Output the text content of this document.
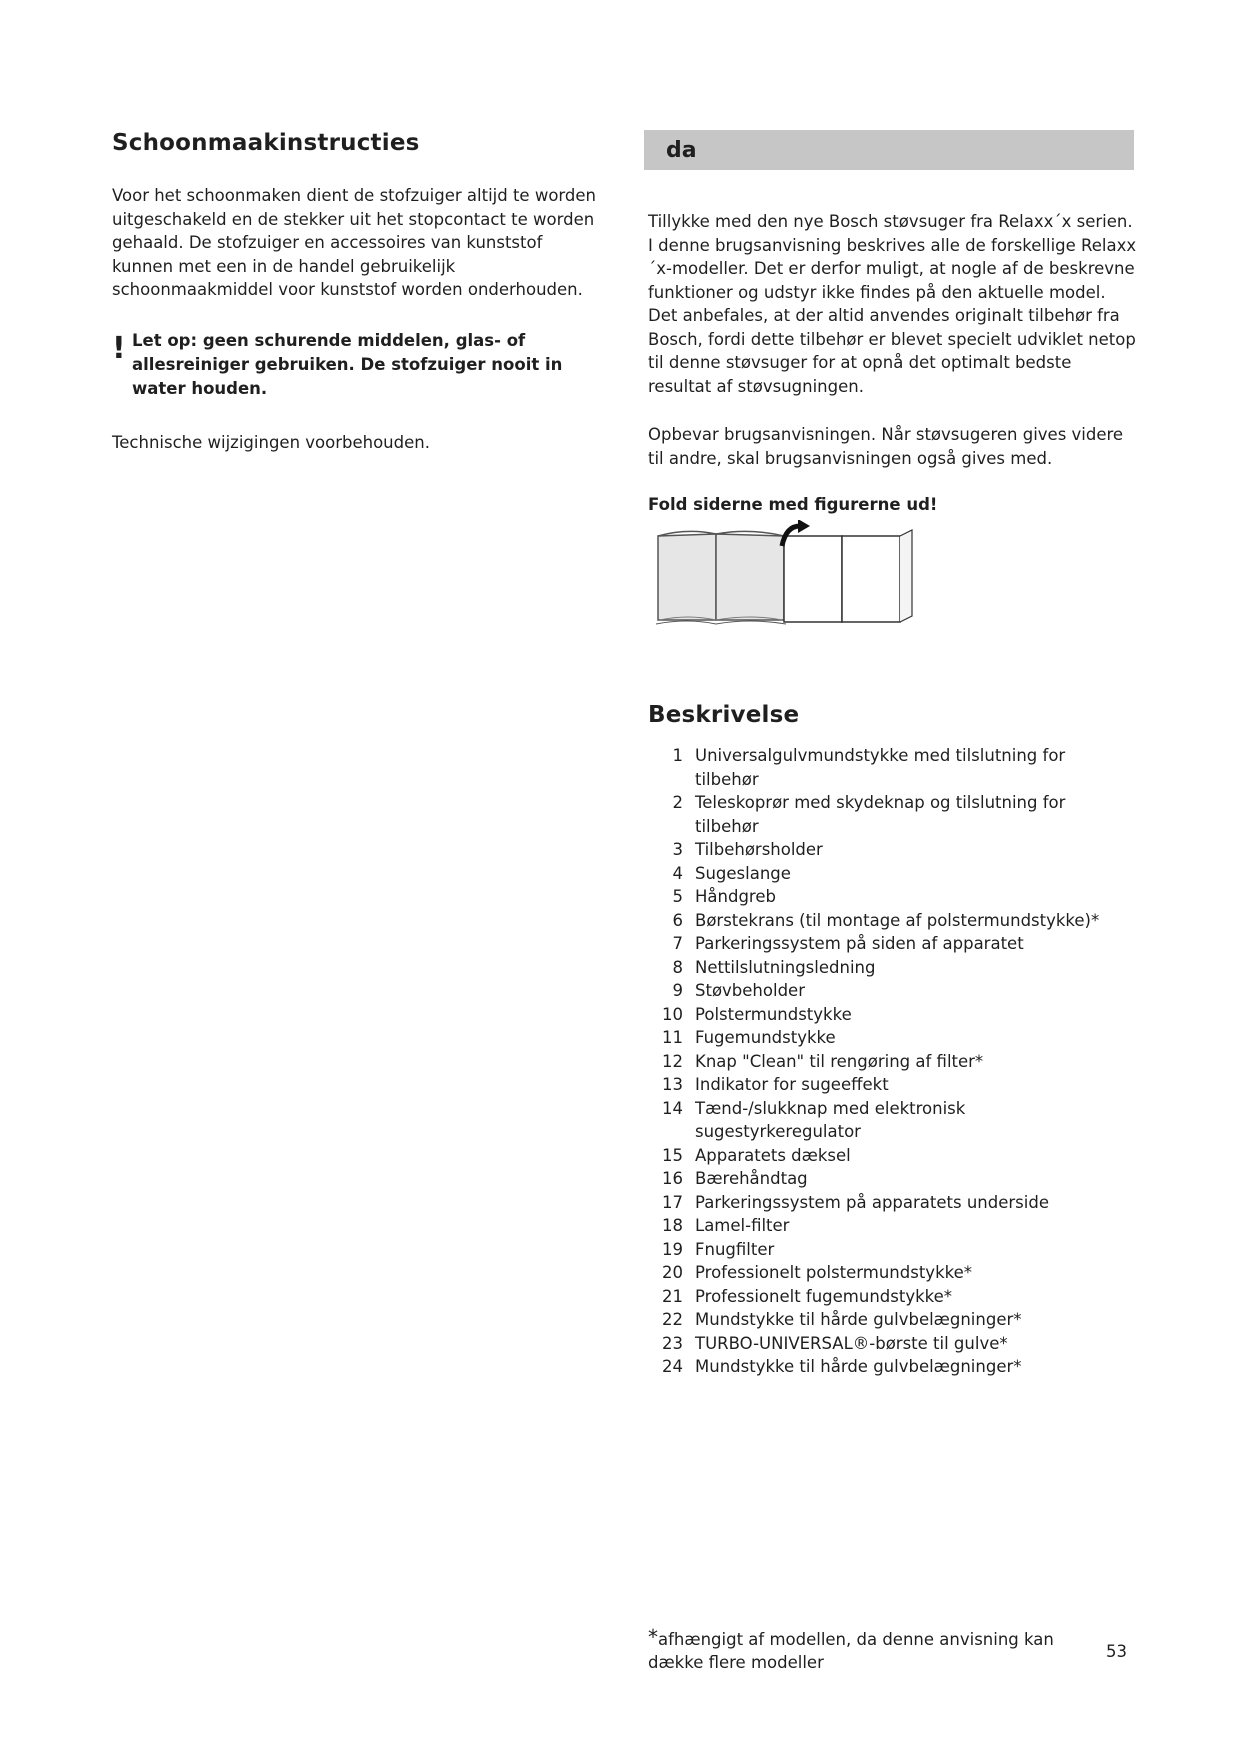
Schoonmaakinstructies

Voor het schoonmaken dient de stofzuiger altijd te worden uitgeschakeld en de stekker uit het stopcontact te worden gehaald. De stofzuiger en accessoires van kunststof kunnen met een in de handel gebruikelijk schoonmaakmiddel voor kunststof worden onderhouden.

! Let op: geen schurende middelen, glas- of allesreiniger gebruiken. De stofzuiger nooit in water houden.

Technische wijzigingen voorbehouden.

da

Tillykke med den nye Bosch støvsuger fra Relaxx´x serien. I denne brugsanvisning beskrives alle de forskellige Relaxx´x-modeller. Det er derfor muligt, at nogle af de beskrevne funktioner og udstyr ikke findes på den aktuelle model. Det anbefales, at der altid anvendes originalt tilbehør fra Bosch, fordi dette tilbehør er blevet specielt udviklet netop til denne støvsuger for at opnå det optimalt bedste resultat af støvsugningen.

Opbevar brugsanvisningen. Når støvsugeren gives videre til andre, skal brugsanvisningen også gives med.

Fold siderne med figurerne ud!
Beskrivelse
1 Universalgulvmundstykke med tilslutning for tilbehør
2 Teleskoprør med skydeknap og tilslutning for tilbehør
3 Tilbehørsholder
4 Sugeslange
5 Håndgreb
6 Børstekrans (til montage af polstermundstykke)*
7 Parkeringssystem på siden af apparatet
8 Nettilslutningsledning
9 Støvbeholder
10 Polstermundstykke
11 Fugemundstykke
12 Knap "Clean" til rengøring af filter*
13 Indikator for sugeeffekt
14 Tænd-/slukknap med elektronisk sugestyrkeregulator
15 Apparatets dæksel
16 Bærehåndtag
17 Parkeringssystem på apparatets underside
18 Lamel-filter
19 Fnugfilter
20 Professionelt polstermundstykke*
21 Professionelt fugemundstykke*
22 Mundstykke til hårde gulvbelægninger*
23 TURBO-UNIVERSAL®-børste til gulve*
24 Mundstykke til hårde gulvbelægninger*
*afhængigt af modellen, da denne anvisning kan dække flere modeller
53
